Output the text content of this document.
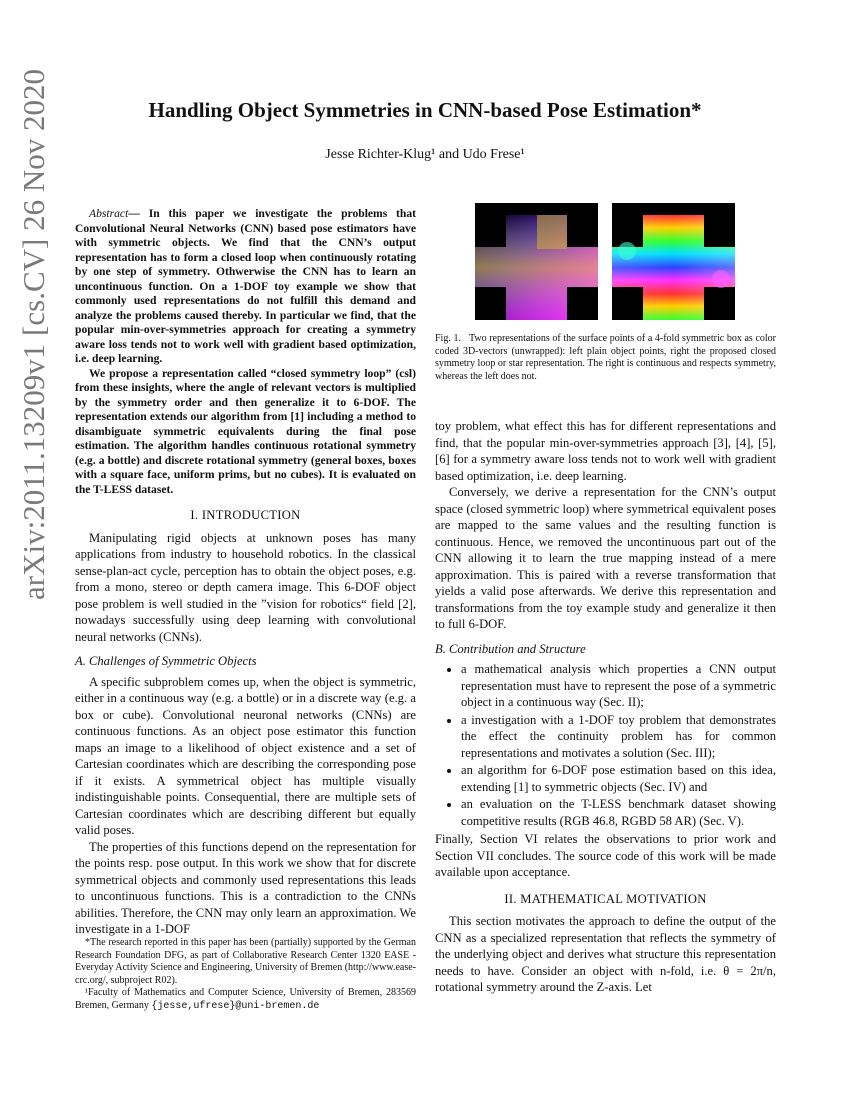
arXiv:2011.13209v1 [cs.CV] 26 Nov 2020	Handling Object Symmetries in CNN-based Pose Estimation*
Jesse Richter-Klug¹ and Udo Frese¹

Abstract— In this paper we investigate the problems that Convolutional Neural Networks (CNN) based pose estimators have with symmetric objects. We find that the CNN’s output representation has to form a closed loop when continuously rotating by one step of symmetry. Othwerwise the CNN has to learn an uncontinuous function. On a 1-DOF toy example we show that commonly used representations do not fulfill this demand and analyze the problems caused thereby. In particular we find, that the popular min-over-symmetries approach for creating a symmetry aware loss tends not to work well with gradient based optimization, i.e. deep learning.

We propose a representation called “closed symmetry loop” (csl) from these insights, where the angle of relevant vectors is multiplied by the symmetry order and then generalize it to 6-DOF. The representation extends our algorithm from [1] including a method to disambiguate symmetric equivalents during the final pose estimation. The algorithm handles continuous rotational symmetry (e.g. a bottle) and discrete rotational symmetry (general boxes, boxes with a square face, uniform prims, but no cubes). It is evaluated on the T-LESS dataset.

I. INTRODUCTION

Manipulating rigid objects at unknown poses has many applications from industry to household robotics. In the classical sense-plan-act cycle, perception has to obtain the object poses, e.g. from a mono, stereo or depth camera image. This 6-DOF object pose problem is well studied in the ”vision for robotics“ field [2], nowadays successfully using deep learning with convolutional neural networks (CNNs).

A. Challenges of Symmetric Objects

A specific subproblem comes up, when the object is symmetric, either in a continuous way (e.g. a bottle) or in a discrete way (e.g. a box or cube). Convolutional neuronal networks (CNNs) are continuous functions. As an object pose estimator this function maps an image to a likelihood of object existence and a set of Cartesian coordinates which are describing the corresponding pose if it exists. A symmetrical object has multiple visually indistinguishable points. Consequential, there are multiple sets of Cartesian coordinates which are describing different but equally valid poses.

The properties of this functions depend on the representation for the points resp. pose output. In this work we show that for discrete symmetrical objects and commonly used representations this leads to uncontinuous functions. This is a contradiction to the CNNs abilities. Therefore, the CNN may only learn an approximation. We investigate in a 1-DOF

*The research reported in this paper has been (partially) supported by the German Research Foundation DFG, as part of Collaborative Research Center 1320 EASE - Everyday Activity Science and Engineering, University of Bremen (http://www.ease-crc.org/, subproject R02).

¹Faculty of Mathematics and Computer Science, University of Bremen, 283569 Bremen, Germany {jesse,ufrese}@uni-bremen.de

Fig. 1. Two representations of the surface points of a 4-fold symmetric box as color coded 3D-vectors (unwrapped): left plain object points, right the proposed closed symmetry loop or star representation. The right is continuous and respects symmetry, whereas the left does not.

toy problem, what effect this has for different representations and find, that the popular min-over-symmetries approach [3], [4], [5], [6] for a symmetry aware loss tends not to work well with gradient based optimization, i.e. deep learning.

Conversely, we derive a representation for the CNN’s output space (closed symmetric loop) where symmetrical equivalent poses are mapped to the same values and the resulting function is continuous. Hence, we removed the uncontinuous part out of the CNN allowing it to learn the true mapping instead of a mere approximation. This is paired with a reverse transformation that yields a valid pose afterwards. We derive this representation and transformations from the toy example study and generalize it then to full 6-DOF.

B. Contribution and Structure

• a mathematical analysis which properties a CNN output representation must have to represent the pose of a symmetric object in a continuous way (Sec. II);
• a investigation with a 1-DOF toy problem that demonstrates the effect the continuity problem has for common representations and motivates a solution (Sec. III);
• an algorithm for 6-DOF pose estimation based on this idea, extending [1] to symmetric objects (Sec. IV) and
• an evaluation on the T-LESS benchmark dataset showing competitive results (RGB 46.8, RGBD 58 AR) (Sec. V).

Finally, Section VI relates the observations to prior work and Section VII concludes. The source code of this work will be made available upon acceptance.

II. MATHEMATICAL MOTIVATION

This section motivates the approach to define the output of the CNN as a specialized representation that reflects the symmetry of the underlying object and derives what structure this representation needs to have. Consider an object with n-fold, i.e. θ = 2π/n, rotational symmetry around the Z-axis. Let
